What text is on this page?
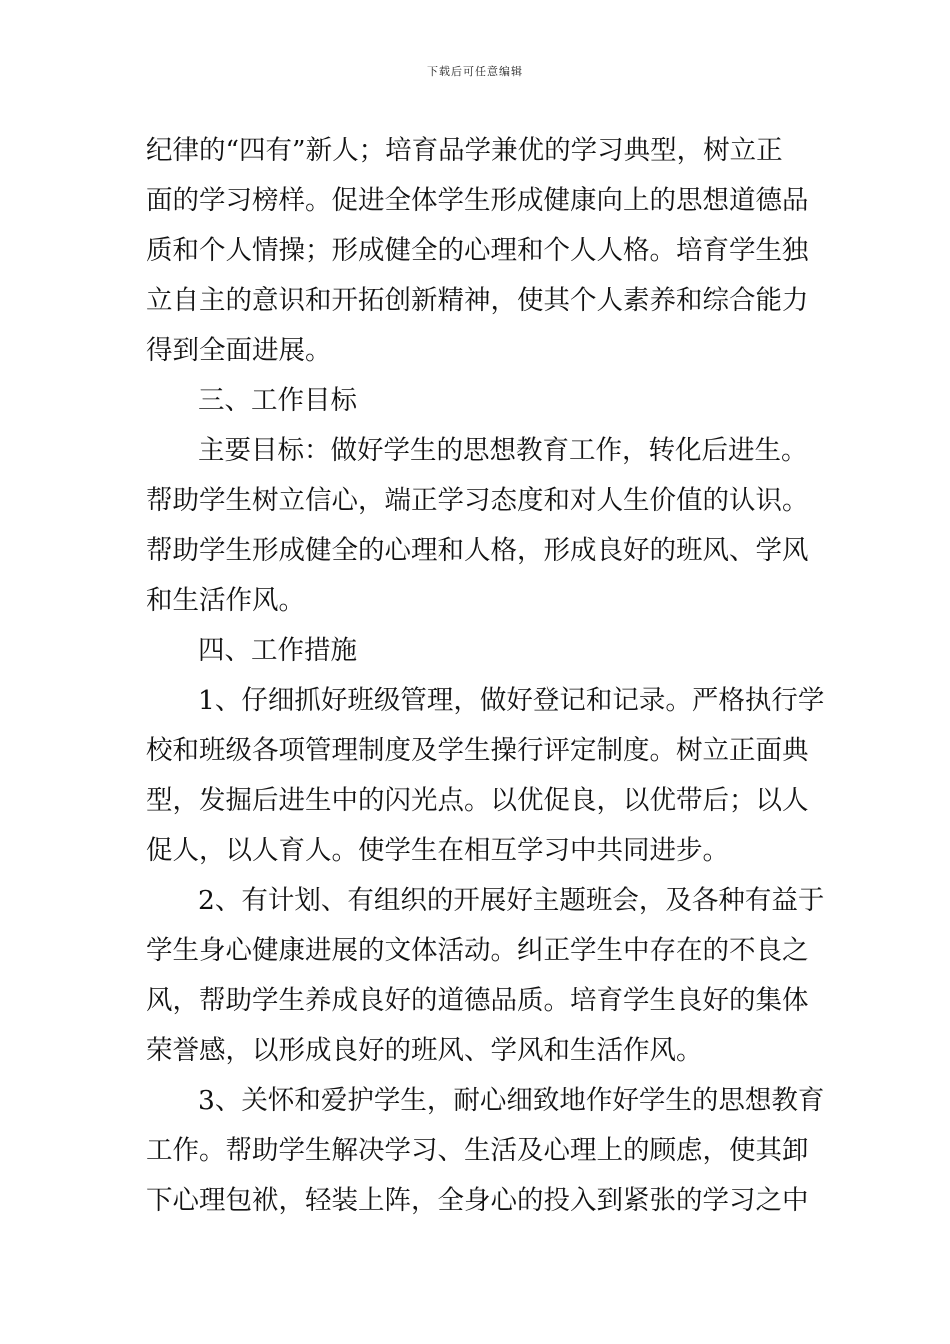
下载后可任意编辑
纪律的“四有”新人；培育品学兼优的学习典型，树立正
面的学习榜样。促进全体学生形成健康向上的思想道德品
质和个人情操；形成健全的心理和个人人格。培育学生独
立自主的意识和开拓创新精神，使其个人素养和综合能力
得到全面进展。
三、工作目标
主要目标：做好学生的思想教育工作，转化后进生。
帮助学生树立信心，端正学习态度和对人生价值的认识。
帮助学生形成健全的心理和人格，形成良好的班风、学风
和生活作风。
四、工作措施
1、仔细抓好班级管理，做好登记和记录。严格执行学
校和班级各项管理制度及学生操行评定制度。树立正面典
型，发掘后进生中的闪光点。以优促良，以优带后；以人
促人，以人育人。使学生在相互学习中共同进步。
2、有计划、有组织的开展好主题班会，及各种有益于
学生身心健康进展的文体活动。纠正学生中存在的不良之
风，帮助学生养成良好的道德品质。培育学生良好的集体
荣誉感，以形成良好的班风、学风和生活作风。
3、关怀和爱护学生，耐心细致地作好学生的思想教育
工作。帮助学生解决学习、生活及心理上的顾虑，使其卸
下心理包袱，轻装上阵，全身心的投入到紧张的学习之中
